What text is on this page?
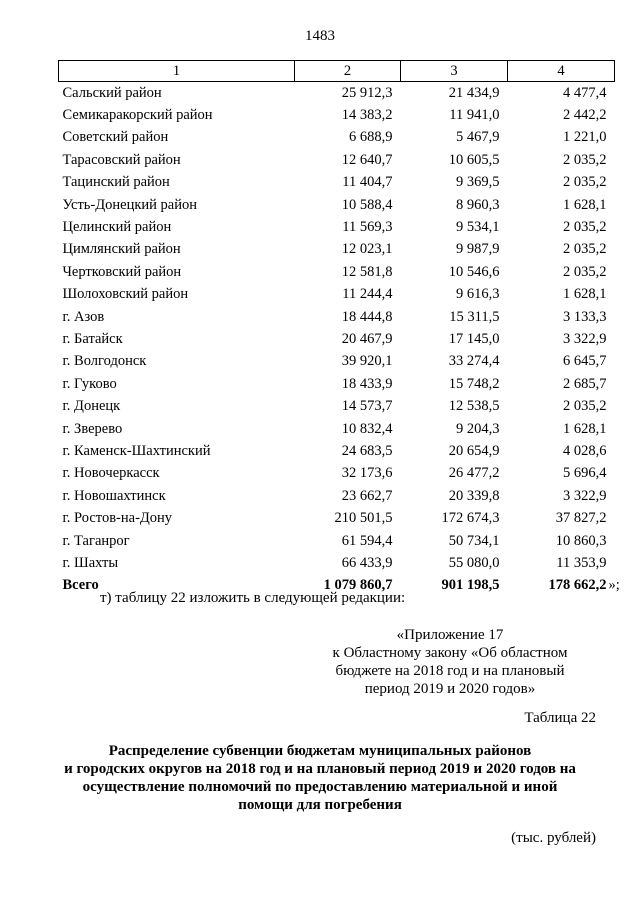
1483
1	2	3	4
Сальский район	25 912,3	21 434,9	4 477,4
Семикаракорский район	14 383,2	11 941,0	2 442,2
Советский район	6 688,9	5 467,9	1 221,0
Тарасовский район	12 640,7	10 605,5	2 035,2
Тацинский район	11 404,7	9 369,5	2 035,2
Усть-Донецкий район	10 588,4	8 960,3	1 628,1
Целинский район	11 569,3	9 534,1	2 035,2
Цимлянский район	12 023,1	9 987,9	2 035,2
Чертковский район	12 581,8	10 546,6	2 035,2
Шолоховский район	11 244,4	9 616,3	1 628,1
г. Азов	18 444,8	15 311,5	3 133,3
г. Батайск	20 467,9	17 145,0	3 322,9
г. Волгодонск	39 920,1	33 274,4	6 645,7
г. Гуково	18 433,9	15 748,2	2 685,7
г. Донецк	14 573,7	12 538,5	2 035,2
г. Зверево	10 832,4	9 204,3	1 628,1
г. Каменск-Шахтинский	24 683,5	20 654,9	4 028,6
г. Новочеркасск	32 173,6	26 477,2	5 696,4
г. Новошахтинск	23 662,7	20 339,8	3 322,9
г. Ростов-на-Дону	210 501,5	172 674,3	37 827,2
г. Таганрог	61 594,4	50 734,1	10 860,3
г. Шахты	66 433,9	55 080,0	11 353,9
Всего	1 079 860,7	901 198,5	178 662,2 »;
т) таблицу 22 изложить в следующей редакции:
«Приложение 17
к Областному закону «Об областном
бюджете на 2018 год и на плановый
период 2019 и 2020 годов»
Таблица 22
Распределение субвенции бюджетам муниципальных районов
и городских округов на 2018 год и на плановый период 2019 и 2020 годов на
осуществление полномочий по предоставлению материальной и иной
помощи для погребения
(тыс. рублей)
